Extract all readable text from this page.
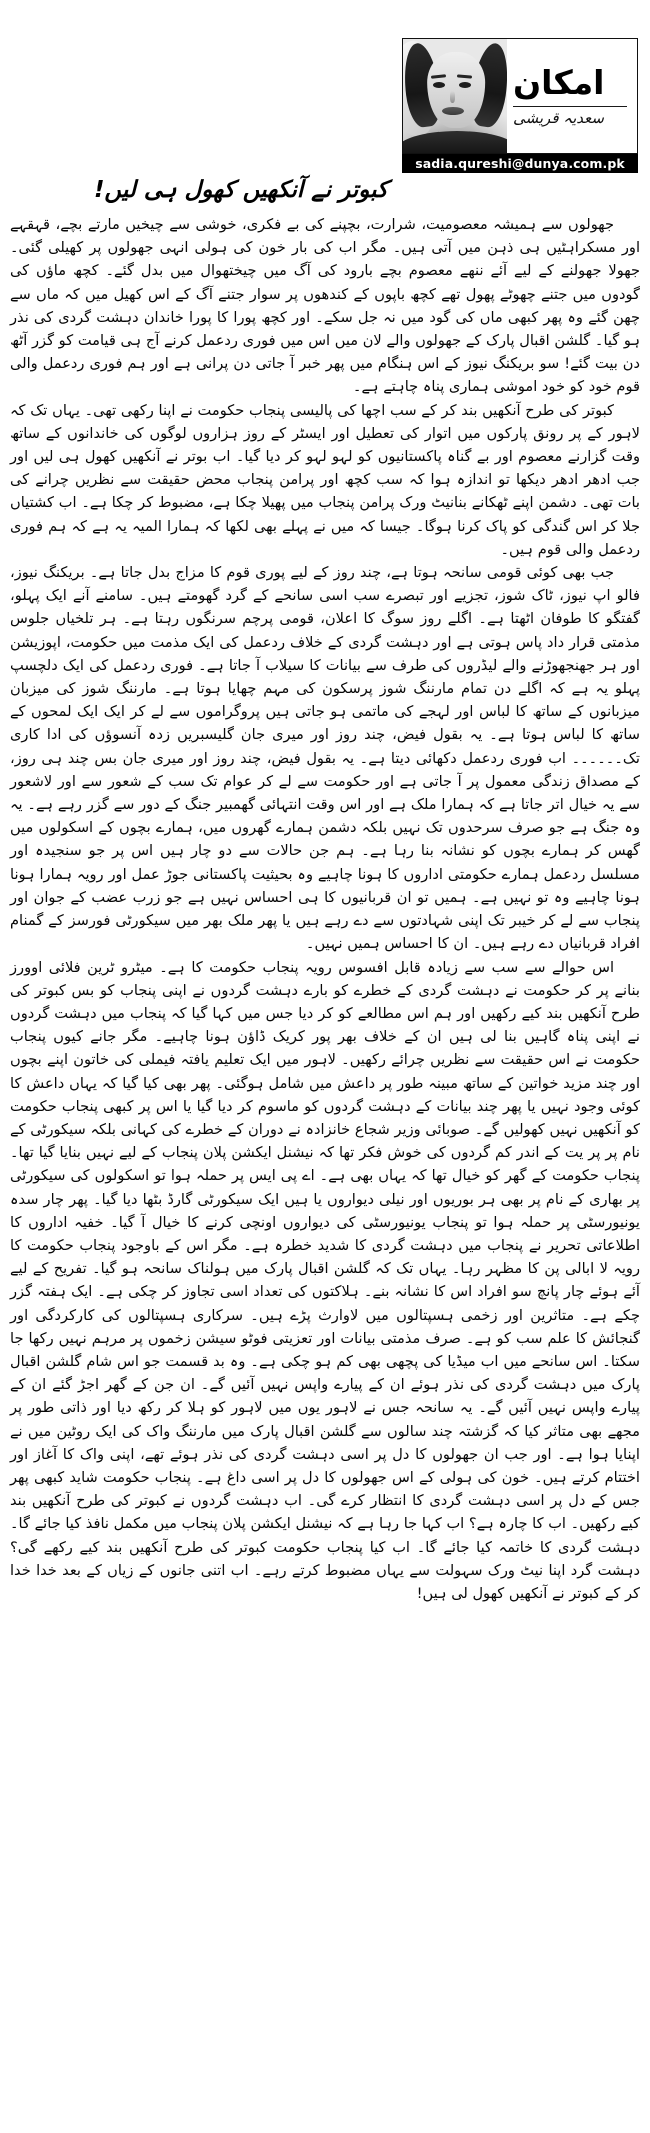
امکان
سعدیہ قریشی
sadia.qureshi@dunya.com.pk
کبوتر نے آنکھیں کھول ہی لیں!

جھولوں سے ہمیشہ معصومیت، شرارت، بچپنے کی بے فکری، خوشی سے چیخیں مارتے بچے، قہقہے اور مسکراہٹیں ہی ذہن میں آتی ہیں۔ مگر اب کی بار خون کی ہولی انہی جھولوں پر کھیلی گئی۔ جھولا جھولنے کے لیے آئے ننھے معصوم بچے بارود کی آگ میں چیختھوال میں بدل گئے۔ کچھ ماؤں کی گودوں میں جتنے چھوٹے پھول تھے کچھ باپوں کے کندھوں پر سوار جتنے آگ کے اس کھیل میں کہ ماں سے چھن گئے وہ پھر کبھی ماں کی گود میں نہ جل سکے۔ اور کچھ پورا کا پورا خاندان دہشت گردی کی نذر ہو گیا۔ گلشن اقبال پارک کے جھولوں والے لان میں اس میں فوری ردعمل کرنے آج ہی قیامت کو گزر آٹھ دن بیت گئے! سو بریکنگ نیوز کے اس ہنگام میں پھر خبر آ جاتی دن پرانی ہے اور ہم فوری ردعمل والی قوم خود کو خود اموشی ہماری پناہ چاہتے ہے۔

کبوتر کی طرح آنکھیں بند کر کے سب اچھا کی پالیسی پنجاب حکومت نے اپنا رکھی تھی۔ یہاں تک کہ لاہور کے پر رونق پارکوں میں اتوار کی تعطیل اور ایسٹر کے روز ہزاروں لوگوں کی خاندانوں کے ساتھ وقت گزارنے معصوم اور بے گناہ پاکستانیوں کو لہو لہو کر دیا گیا۔ اب بوتر نے آنکھیں کھول ہی لیں اور جب ادھر ادھر دیکھا تو اندازہ ہوا کہ سب کچھ اور پرامن پنجاب محض حقیقت سے نظریں چرانے کی بات تھی۔ دشمن اپنے ٹھکانے بنانیٹ ورک پرامن پنجاب میں پھیلا چکا ہے، مضبوط کر چکا ہے۔ اب کشتیاں جلا کر اس گندگی کو پاک کرنا ہوگا۔ جیسا کہ میں نے پہلے بھی لکھا کہ ہمارا المیہ یہ ہے کہ ہم فوری ردعمل والی قوم ہیں۔

جب بھی کوئی قومی سانحہ ہوتا ہے، چند روز کے لیے پوری قوم کا مزاج بدل جاتا ہے۔ بریکنگ نیوز، فالو اپ نیوز، ٹاک شوز، تجزیے اور تبصرے سب اسی سانحے کے گرد گھومتے ہیں۔ سامنے آنے ایک پہلو، گفتگو کا طوفان اٹھتا ہے۔ اگلے روز سوگ کا اعلان، قومی پرچم سرنگوں رہتا ہے۔ ہر تلخیاں جلوس مذمتی قرار داد پاس ہوتی ہے اور دہشت گردی کے خلاف ردعمل کی ایک مذمت میں حکومت، اپوزیشن اور ہر جھنجھوڑنے والے لیڈروں کی طرف سے بیانات کا سیلاب آ جاتا ہے۔ فوری ردعمل کی ایک دلچسپ پہلو یہ ہے کہ اگلے دن تمام مارننگ شوز پرسکون کی مہم چھایا ہوتا ہے۔ مارننگ شوز کی میزبان میزبانوں کے ساتھ کا لباس اور لہجے کی ماتمی ہو جاتی ہیں پروگراموں سے لے کر ایک ایک لمحوں کے ساتھ کا لباس ہوتا ہے۔ یہ بقول فیض، چند روز اور میری جان گلیسبریں زدہ آنسوؤں کی ادا کاری تک۔۔۔۔۔۔ اب فوری ردعمل دکھائی دیتا ہے۔ یہ بقول فیض، چند روز اور میری جان بس چند ہی روز، کے مصداق زندگی معمول پر آ جاتی ہے اور حکومت سے لے کر عوام تک سب کے شعور سے اور لاشعور سے یہ خیال اتر جاتا ہے کہ ہمارا ملک ہے اور اس وقت انتہائی گھمبیر جنگ کے دور سے گزر رہے ہے۔ یہ وہ جنگ ہے جو صرف سرحدوں تک نہیں بلکہ دشمن ہمارے گھروں میں، ہمارے بچوں کے اسکولوں میں گھس کر ہمارے بچوں کو نشانہ بنا رہا ہے۔ ہم جن حالات سے دو چار ہیں اس پر جو سنجیدہ اور مسلسل ردعمل ہمارے حکومتی اداروں کا ہونا چاہیے وہ بحیثیت پاکستانی جوڑ عمل اور رویہ ہمارا ہونا ہونا چاہیے وہ تو نہیں ہے۔ ہمیں تو ان قربانیوں کا ہی احساس نہیں ہے جو زرب عضب کے جوان اور پنجاب سے لے کر خیبر تک اپنی شہادتوں سے دے رہے ہیں یا پھر ملک بھر میں سیکورٹی فورسز کے گمنام افراد قربانیاں دے رہے ہیں۔ ان کا احساس ہمیں نہیں۔

اس حوالے سے سب سے زیادہ قابل افسوس رویہ پنجاب حکومت کا ہے۔ میٹرو ٹرین فلائی اوورز بنانے پر کر حکومت نے دہشت گردی کے خطرے کو بارے دہشت گردوں نے اپنی پنجاب کو بس کبوتر کی طرح آنکھیں بند کیے رکھیں اور ہم اس مطالعے کو کر دیا جس میں کہا گیا کہ پنجاب میں دہشت گردوں نے اپنی پناہ گاہیں بنا لی ہیں ان کے خلاف بھر پور کریک ڈاؤن ہونا چاہیے۔ مگر جانے کیوں پنجاب حکومت نے اس حقیقت سے نظریں چرائے رکھیں۔ لاہور میں ایک تعلیم یافتہ فیملی کی خاتون اپنے بچوں اور چند مزید خواتین کے ساتھ مبینہ طور پر داعش میں شامل ہوگئی۔ پھر بھی کیا گیا کہ یہاں داعش کا کوئی وجود نہیں یا پھر چند بیانات کے دہشت گردوں کو ماسوم کر دیا گیا یا اس پر کبھی پنجاب حکومت کو آنکھیں نہیں کھولیں گے۔ صوبائی وزیر شجاع خانزادہ نے دوران کے خطرے کی کہانی بلکہ سیکورٹی کے نام پر پر یت کے اندر کم گردوں کی خوش فکر تھا کہ نیشنل ایکشن پلان پنجاب کے لیے نہیں بنایا گیا تھا۔ پنجاب حکومت کے گھر کو خیال تھا کہ یہاں بھی ہے۔ اے پی ایس پر حملہ ہوا تو اسکولوں کی سیکورٹی پر بھاری کے نام پر بھی ہر بوریوں اور نیلی دیواروں یا ہیں ایک سیکورٹی گارڈ بٹھا دیا گیا۔ پھر چار سدہ یونیورسٹی پر حملہ ہوا تو پنجاب یونیورسٹی کی دیواروں اونچی کرنے کا خیال آ گیا۔ خفیہ اداروں کا اطلاعاتی تحریر نے پنجاب میں دہشت گردی کا شدید خطرہ ہے۔ مگر اس کے باوجود پنجاب حکومت کا رویہ لا ابالی پن کا مظہر رہا۔ یہاں تک کہ گلشن اقبال پارک میں ہولناک سانحہ ہو گیا۔ تفریح کے لیے آئے ہوئے چار پانچ سو افراد اس کا نشانہ بنے۔ ہلاکتوں کی تعداد اسی تجاوز کر چکی ہے۔ ایک ہفتہ گزر چکے ہے۔ متاثرین اور زخمی ہسپتالوں میں لاوارث پڑے ہیں۔ سرکاری ہسپتالوں کی کارکردگی اور گنجائش کا علم سب کو ہے۔ صرف مذمتی بیانات اور تعزیتی فوٹو سیشن زخموں پر مرہم نہیں رکھا جا سکتا۔ اس سانحے میں اب میڈیا کی پچھی بھی کم ہو چکی ہے۔ وہ بد قسمت جو اس شام گلشن اقبال پارک میں دہشت گردی کی نذر ہوئے ان کے پیارے واپس نہیں آئیں گے۔ ان جن کے گھر اجڑ گئے ان کے پیارے واپس نہیں آئیں گے۔ یہ سانحہ جس نے لاہور یوں میں لاہور کو ہلا کر رکھ دیا اور ذاتی طور پر مجھے بھی متاثر کیا کہ گزشتہ چند سالوں سے گلشن اقبال پارک میں مارننگ واک کی ایک روٹین میں نے اپنایا ہوا ہے۔ اور جب ان جھولوں کا دل پر اسی دہشت گردی کی نذر ہوئے تھے، اپنی واک کا آغاز اور اختتام کرتے ہیں۔ خون کی ہولی کے اس جھولوں کا دل پر اسی داغ ہے۔ پنجاب حکومت شاید کبھی پھر جس کے دل پر اسی دہشت گردی کا انتظار کرے گی۔ اب دہشت گردوں نے کبوتر کی طرح آنکھیں بند کیے رکھیں۔ اب کا چارہ ہے؟ اب کہا جا رہا ہے کہ نیشنل ایکشن پلان پنجاب میں مکمل نافذ کیا جائے گا۔ دہشت گردی کا خاتمہ کیا جائے گا۔ اب کیا پنجاب حکومت کبوتر کی طرح آنکھیں بند کیے رکھے گی؟ دہشت گرد اپنا نیٹ ورک سہولت سے یہاں مضبوط کرتے رہے۔ اب اتنی جانوں کے زیاں کے بعد خدا خدا کر کے کبوتر نے آنکھیں کھول لی ہیں!
